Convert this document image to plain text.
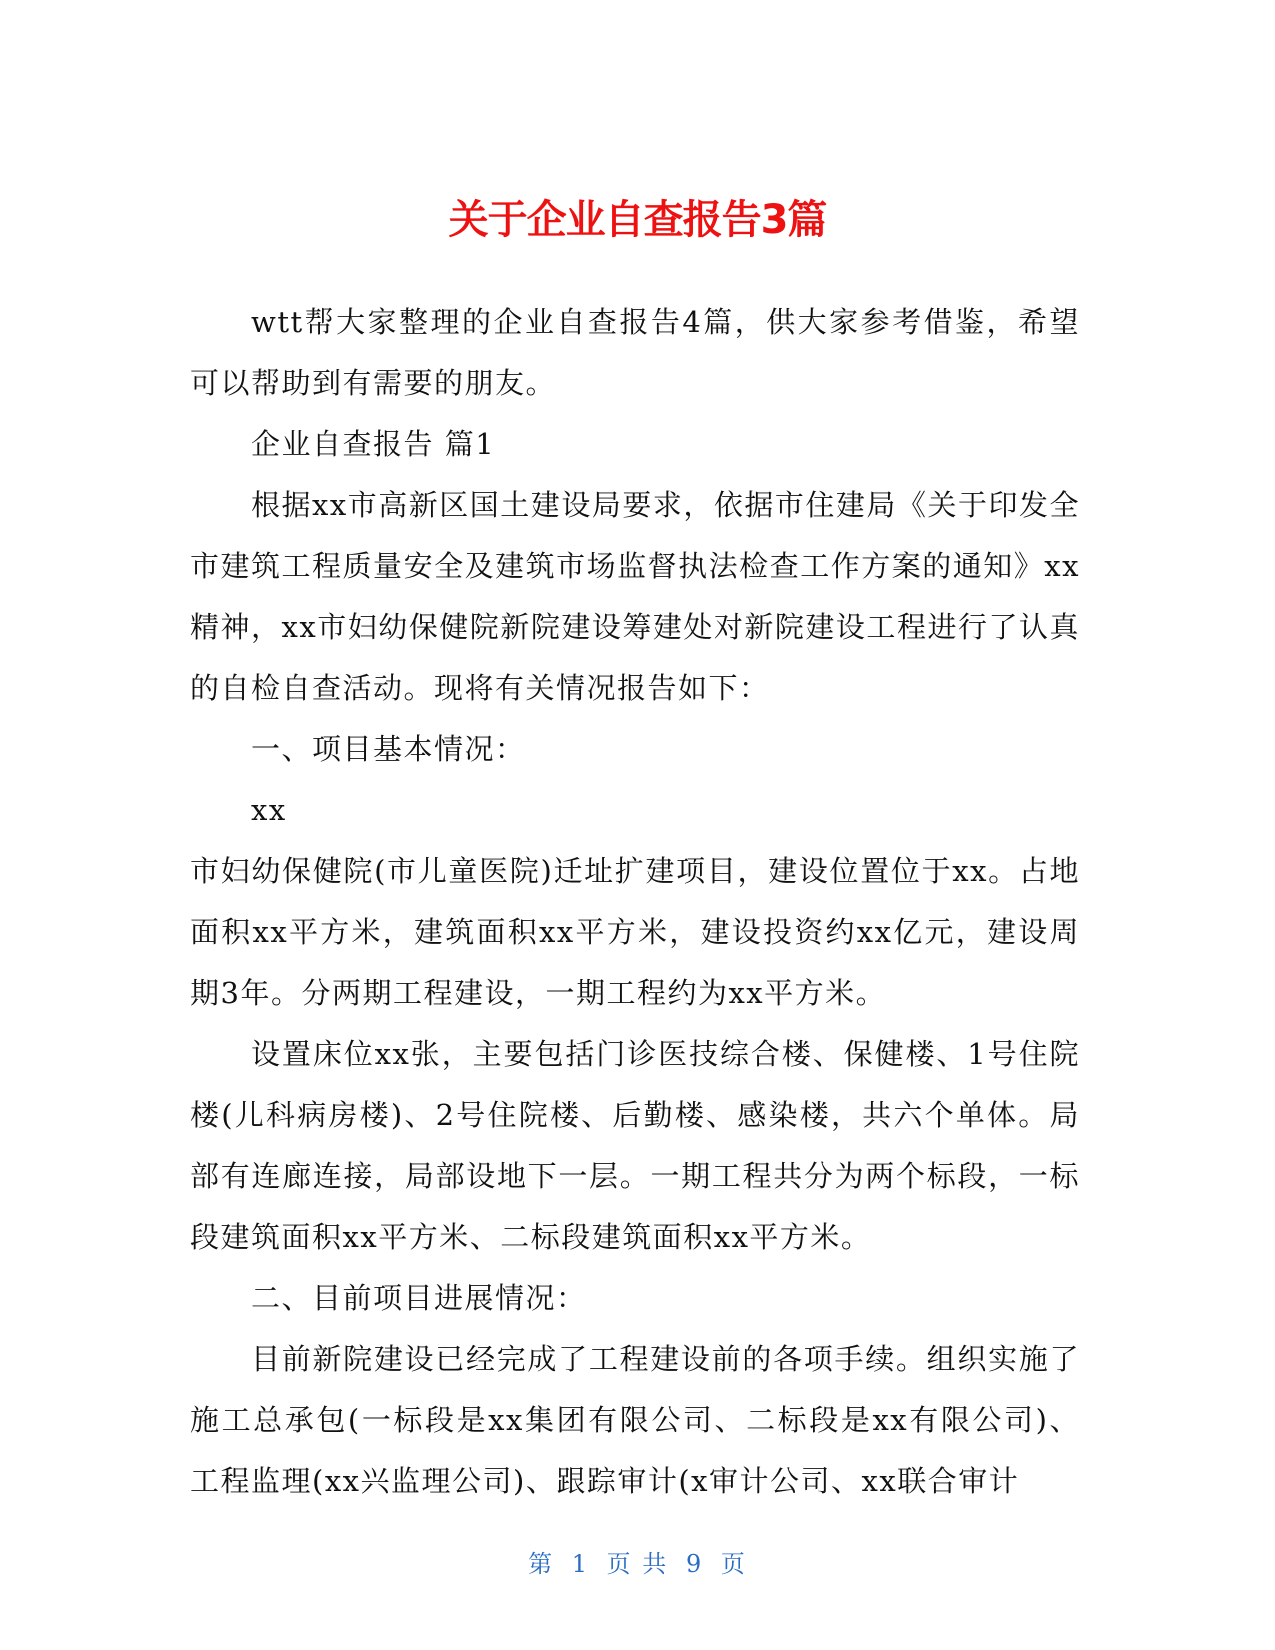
关于企业自查报告3篇

wtt帮大家整理的企业自查报告4篇，供大家参考借鉴，希望可以帮助到有需要的朋友。

企业自查报告 篇1

根据xx市高新区国土建设局要求，依据市住建局《关于印发全市建筑工程质量安全及建筑市场监督执法检查工作方案的通知》xx精神，xx市妇幼保健院新院建设筹建处对新院建设工程进行了认真的自检自查活动。现将有关情况报告如下：

一、项目基本情况：

xx

市妇幼保健院(市儿童医院)迁址扩建项目，建设位置位于xx。占地面积xx平方米，建筑面积xx平方米，建设投资约xx亿元，建设周期3年。分两期工程建设，一期工程约为xx平方米。

设置床位xx张，主要包括门诊医技综合楼、保健楼、1号住院楼(儿科病房楼)、2号住院楼、后勤楼、感染楼，共六个单体。局部有连廊连接，局部设地下一层。一期工程共分为两个标段，一标段建筑面积xx平方米、二标段建筑面积xx平方米。

二、目前项目进展情况：

目前新院建设已经完成了工程建设前的各项手续。组织实施了施工总承包(一标段是xx集团有限公司、二标段是xx有限公司)、工程监理(xx兴监理公司)、跟踪审计(x审计公司、xx联合审计

第 1 页 共 9 页
